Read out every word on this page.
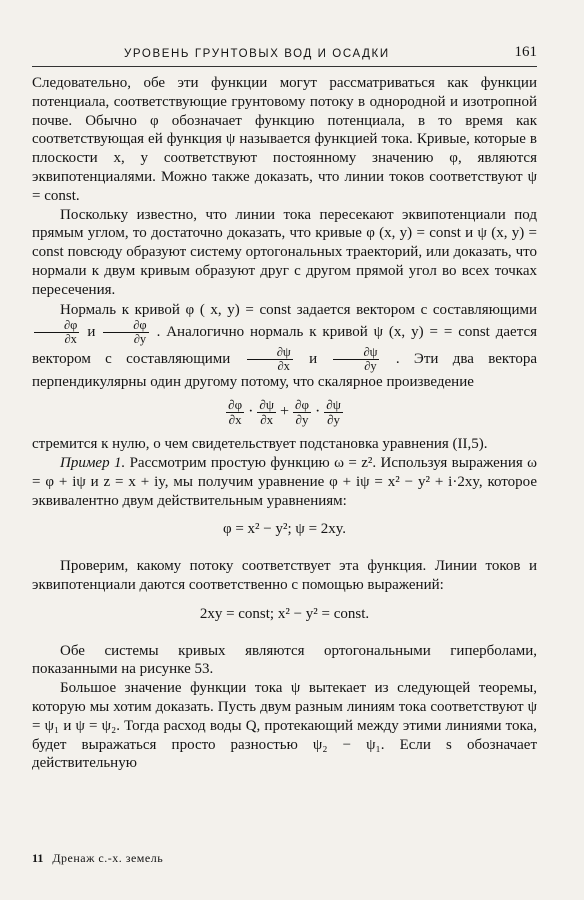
УРОВЕНЬ ГРУНТОВЫХ ВОД И ОСАДКИ	161

Следовательно, обе эти функции могут рассматриваться как функции потенциала, соответствующие грунтовому потоку в однородной и изотропной почве. Обычно φ обозначает функцию потенциала, в то время как соответствующая ей функция ψ называется функцией тока. Кривые, которые в плоскости x, y соответствуют постоянному значению φ, являются эквипотенциалями. Можно также доказать, что линии токов соответствуют ψ = const.

Поскольку известно, что линии тока пересекают эквипотенциали под прямым углом, то достаточно доказать, что кривые φ (x, y) = const и ψ (x, y) = const повсюду образуют систему ортогональных траекторий, или доказать, что нормали к двум кривым образуют друг с другом прямой угол во всех точках пересечения.

Нормаль к кривой φ ( x, y) = const задается вектором с составляющими
$\frac{\partial\varphi}{\partial x}$ и $\frac{\partial\varphi}{\partial y}$ . Аналогично нормаль к кривой ψ (x, y) = = const дается вектором с составляющими $\frac{\partial\psi}{\partial x}$ и $\frac{\partial\psi}{\partial y}$ . Эти два вектора перпендикулярны один другому потому, что скалярное произведение

$\frac{\partial\varphi}{\partial x} \cdot \frac{\partial\psi}{\partial x} + \frac{\partial\varphi}{\partial y} \cdot \frac{\partial\psi}{\partial y}$

стремится к нулю, о чем свидетельствует подстановка уравнения (II,5).

Пример 1. Рассмотрим простую функцию ω = z². Используя выражения ω = φ + iψ и z = x + iy, мы получим уравнение φ + iψ = x² − y² + i·2xy, которое эквивалентно двум действительным уравнениям:

φ = x² − y²; ψ = 2xy.

Проверим, какому потоку соответствует эта функция. Линии токов и эквипотенциали даются соответственно с помощью выражений:

2xy = const; x² − y² = const.

Обе системы кривых являются ортогональными гиперболами, показанными на рисунке 53.

Большое значение функции тока ψ вытекает из следующей теоремы, которую мы хотим доказать. Пусть двум разным линиям тока соответствуют ψ = ψ₁ и ψ = ψ₂. Тогда расход воды Q, протекающий между этими линиями тока, будет выражаться просто разностью ψ₂ − ψ₁. Если s обозначает действительную

11 Дренаж с.-х. земель
